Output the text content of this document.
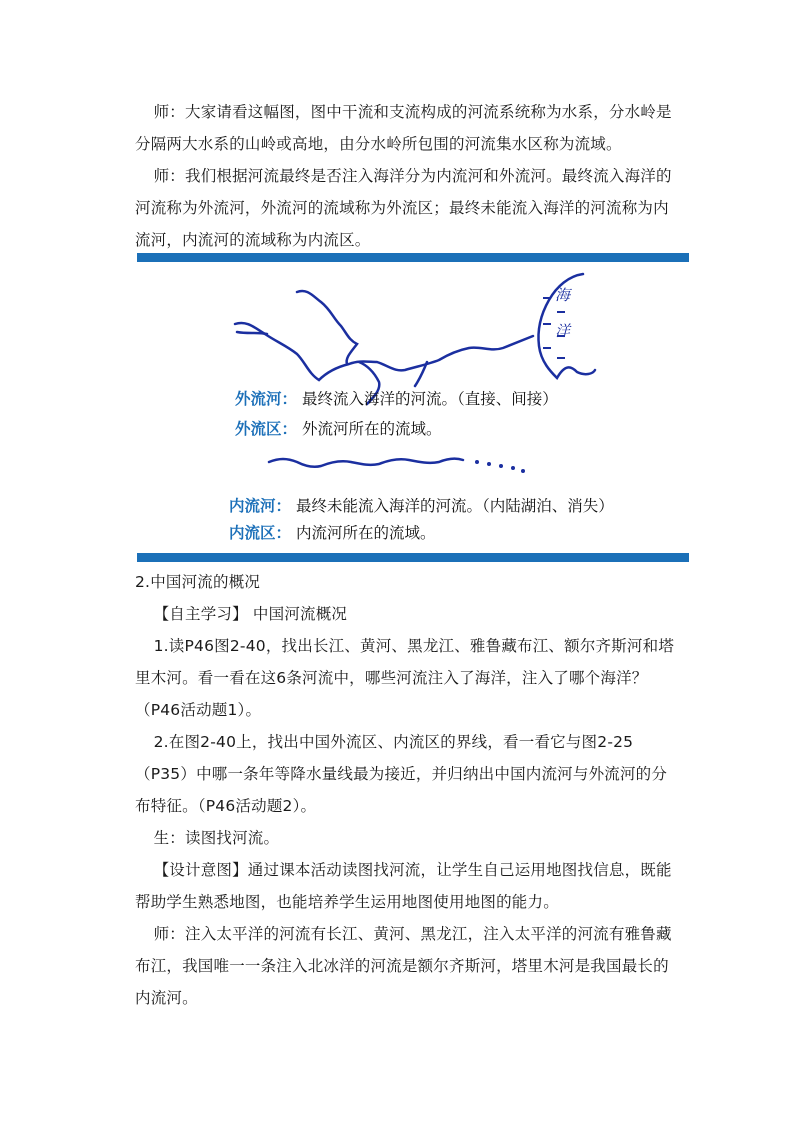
师：大家请看这幅图，图中干流和支流构成的河流系统称为水系，分水岭是分隔两大水系的山岭或高地，由分水岭所包围的河流集水区称为流域。

师：我们根据河流最终是否注入海洋分为内流河和外流河。最终流入海洋的河流称为外流河，外流河的流域称为外流区；最终未能流入海洋的河流称为内流河，内流河的流域称为内流区。

海
洋
外流河： 最终流入海洋的河流。（直接、间接）
外流区： 外流河所在的流域。
内流河： 最终未能流入海洋的河流。（内陆湖泊、消失）
内流区： 内流河所在的流域。

2.中国河流的概况

【自主学习】 中国河流概况

1.读P46图2-40，找出长江、黄河、黑龙江、雅鲁藏布江、额尔齐斯河和塔里木河。看一看在这6条河流中，哪些河流注入了海洋，注入了哪个海洋？（P46活动题1）。

2.在图2-40上，找出中国外流区、内流区的界线，看一看它与图2-25（P35）中哪一条年等降水量线最为接近，并归纳出中国内流河与外流河的分布特征。（P46活动题2）。

生：读图找河流。

【设计意图】通过课本活动读图找河流，让学生自己运用地图找信息，既能帮助学生熟悉地图，也能培养学生运用地图使用地图的能力。

师：注入太平洋的河流有长江、黄河、黑龙江，注入太平洋的河流有雅鲁藏布江，我国唯一一条注入北冰洋的河流是额尔齐斯河，塔里木河是我国最长的内流河。
